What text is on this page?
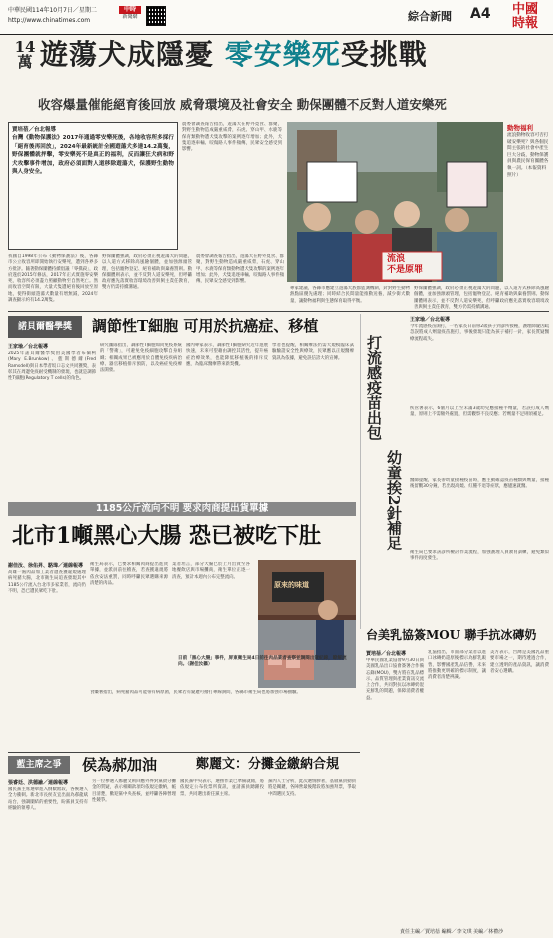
中華民國114年10月7日／星期二
http://www.chinatimes.com
中時
新聞網	綜合新聞 A4	中國
時報
14萬 遊蕩犬成隱憂 零安樂死受挑戰
收容爆量催能絕育後回放 威脅環境及社會安全 動保團體不反對人道安樂死
賈培蓓／台北報導
台灣《動物保護法》2017年通過零安樂死後，各地收容所多採行「絕育後再回放」，2024年最新統計全國遊蕩犬多達14.2萬隻，野保團體就抨擊，零安樂死不是真正的福利，反而讓狂犬病和野犬攻擊事件增加，政府必須面對人道移除遊蕩犬，保護野生動物與人身安全。
農委會調查報告指出，遊蕩犬在野外覓食、群聚，對野生動物造成嚴重威脅，石虎、穿山甲、水鹿等保育類動物遭犬隻攻擊的案例逐年增加；此外，犬隻追逐車輛、咬傷路人事件頻傳，民眾安全感受到影響。
流浪
不是原罪
動物福利
流浪動物收容可否打破安樂死？與各個民間主張的社會中產生巨大分歧，動物保護員與農民保育團體各執一詞。（本報資料照片）
我國自1998年公布《動物保護法》後，各縣市公立收容所即開始執行安樂死，遭到各界多方批評。隨著動保團體持續倡議「零撲殺」，政府遂於2015年修法，2017年正式實施零安樂死，收容所必須盡力照顧動物至自然死亡。然而收容空間有限，大量犬隻遭絕育後回放至原地，使得街頭遊蕩犬數量有增無減，2024年調查顯示約有14.2萬隻。
野保團體強調，政府必須正視遊蕩犬的問題，以人道方式移除高風險個體，並加強源頭管理，包括寵物登記、絕育補助與棄養罰則。動保團體則表示，並不反對人道安樂死，但呼籲政府應先落實收容環境改善與飼主責任教育，雙方仍需持續溝通。
農委會調查報告指出，遊蕩犬在野外覓食、群聚，對野生動物造成嚴重威脅，石虎、穿山甲、水鹿等保育類動物遭犬隻攻擊的案例逐年增加；此外，犬隻追逐車輛、咬傷路人事件頻傳，民眾安全感受到影響。
專家建議，各縣市應建立遊蕩犬族群監測機制，針對野生動物熱點區優先處理；同時結合民間量能推動送養，減少街犬數量，讓動物福利與生態保育取得平衡。
野保團體強調，政府必須正視遊蕩犬的問題，以人道方式移除高風險個體，並加強源頭管理，包括寵物登記、絕育補助與棄養罰則。動保團體則表示，並不反對人道安樂死，但呼籲政府應先落實收容環境改善與飼主責任教育，雙方仍需持續溝通。
諾貝爾醫學獎	調節性T細胞 可用於抗癌症、移植
王家瑜／台北報導
2025年諾貝爾醫學獎由美國學者布倫柯(Mary E.Brunkow)、藍斯德爾(Fred Ramsdell)與日本學者坂口志文共同獲獎，表彰其在周邊免疫耐受機制的發現，也就是調節性T細胞(Regulatory T cells)的角色。
研究團隊指出，調節性T細胞如同免疫系統的「警衛」，可避免免疫細胞攻擊自身組織；相關成果已被應用於自體免疫疾病治療、器官移植排斥預防，以及癌症免疫療法開發。
國內專家表示，調節性T細胞研究近年進展快速，未來可望藉由調控其活性，提升癌症治療效果，也能降低移植後的排斥反應，為臨床醫療帶來新契機。
學者也提醒，相關療法仍需大規模臨床試驗驗證安全性與療效，民眾應以正規醫療資訊為依據，避免誤信誇大的宣傳。	打流感疫苗出包
幼童挨2針補足
王家瑜／台北報導
今年流感疫苗開打，一名家長日前帶2歲孩子到診所接種，護理師疑因疏忽誤將成人劑量疫苗施打，事後發現只能為孩子補打一針，家長質疑醫療流程疏失。
疾管署表示，6個月以上至未滿3歲幼兒應接種半劑量，若誤打成人劑量，原則上不需額外處置，但需觀察不良反應；若劑量不足則須補足。
醫師提醒，家長帶幼童接種疫苗時，應主動確認疫苗種類與劑量，接種後留觀30分鐘，若出現高燒、紅腫不退等症狀，應儘速就醫。
衛生局已要求該診所檢討作業流程，加強護理人員教育訓練，避免類似事件再度發生。
1185公斤流向不明 要求肉商提出貨單據
北市1噸黑心大腸 恐已被吃下肚
謝佳汝、徐佑昇、駱瑋／連線報導
高雄一處肉品加工業者遭查獲違規處理病死豬大腸，北市衛生局追查發現其中1185公斤流入台北市多家業者，流向仍不明，恐已遭民眾吃下肚。
衛生局表示，已要求相關肉商提出進貨單據，並派員前往稽查，若查獲違規將依食安法重罰，同時呼籲民眾選購來源清楚的肉品。
業者坦言，部分大腸已於上月出貨至各地餐飲店與市場攤商，衛生單位正逐一清查，預計本週內公布完整流向。
原來的味道
日前「黑心大腸」事件，屏東衛生局4日前往肉品業者查察並調閱出貨紀錄，瞭解流向。（謝佳汝攝）
食藥署指出，病死豬肉品可能帶有病原菌，民眾若有疑慮可撥打專線詢問，各縣市衛生局也將加強市場抽驗。
台美乳協簽MOU 聯手抗冰磚奶
賈培蓓／台北報導
中華民國乳業協會9月30日與美國乳品出口協會簽署合作備忘錄(MOU)，雙方將在乳品標示、品質管理與產業資訊交流上合作，共同對抗以冰磚奶混充鮮乳的問題，保障消費者權益。
乳協指出，市面部分業者以進口冰磚奶還原後標示為鮮乳販售，影響國產乳品信譽，未來將推動更明確的標示制度，讓消費者清楚辨識。
美方表示，台灣是美國乳品重要市場之一，期待透過合作，建立透明的產品資訊，讓消費者安心選購。
藍主席之爭	侯為郝加油	鄭麗文：分攤金繳納合規
張睿廷、洪德諭／連線報導
國民黨主席選舉進入倒數階段，各候選人全力衝刺。新北市長侯友宜出面為郝龍斌站台，強調團結的重要性，盼黨員支持有經驗的領導人。
另一位參選人鄭麗文則回應外界對黨費分攤金的質疑，表示相關款項均依規定繳納，帳目清楚，歡迎黨中央查核，並呼籲各陣營理性競爭。
國民黨中央表示，選務作業已準備就緒，將依規定公布投票所資訊，並請黨員踴躍投票，共同選出新任黨主席。
黨內人士分析，此次選情膠著，基層黨員動員將是關鍵，各陣營最後階段將加強拜票，爭取中間選民支持。
責任主編／賈培蓓 編輯／李文琪 美編／林禮沙
